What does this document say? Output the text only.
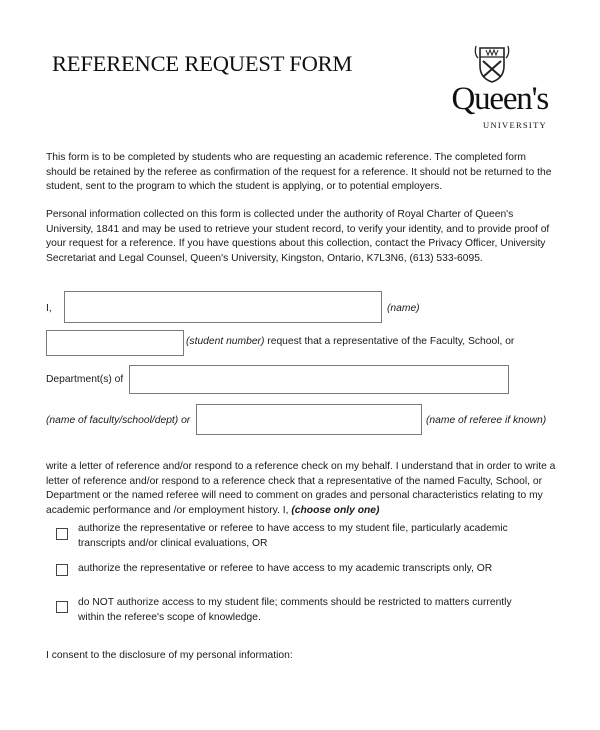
REFERENCE REQUEST FORM
Queen's
UNIVERSITY

This form is to be completed by students who are requesting an academic reference. The completed form should be retained by the referee as confirmation of the request for a reference. It should not be returned to the student, sent to the program to which the student is applying, or to potential employers.

Personal information collected on this form is collected under the authority of Royal Charter of Queen's University, 1841 and may be used to retrieve your student record, to verify your identity, and to provide proof of your request for a reference. If you have questions about this collection, contact the Privacy Officer, University Secretariat and Legal Counsel, Queen's University, Kingston, Ontario, K7L3N6, (613) 533-6095.

I,	(name)
(student number) request that a representative of the Faculty, School, or
Department(s) of
(name of faculty/school/dept) or	(name of referee if known)

write a letter of reference and/or respond to a reference check on my behalf. I understand that in order to write a letter of reference and/or respond to a reference check that a representative of the named Faculty, School, or Department or the named referee will need to comment on grades and personal characteristics relating to my academic performance and /or employment history. I, (choose only one)

authorize the representative or referee to have access to my student file, particularly academic transcripts and/or clinical evaluations, OR
authorize the representative or referee to have access to my academic transcripts only, OR
do NOT authorize access to my student file; comments should be restricted to matters currently within the referee's scope of knowledge.
I consent to the disclosure of my personal information:
